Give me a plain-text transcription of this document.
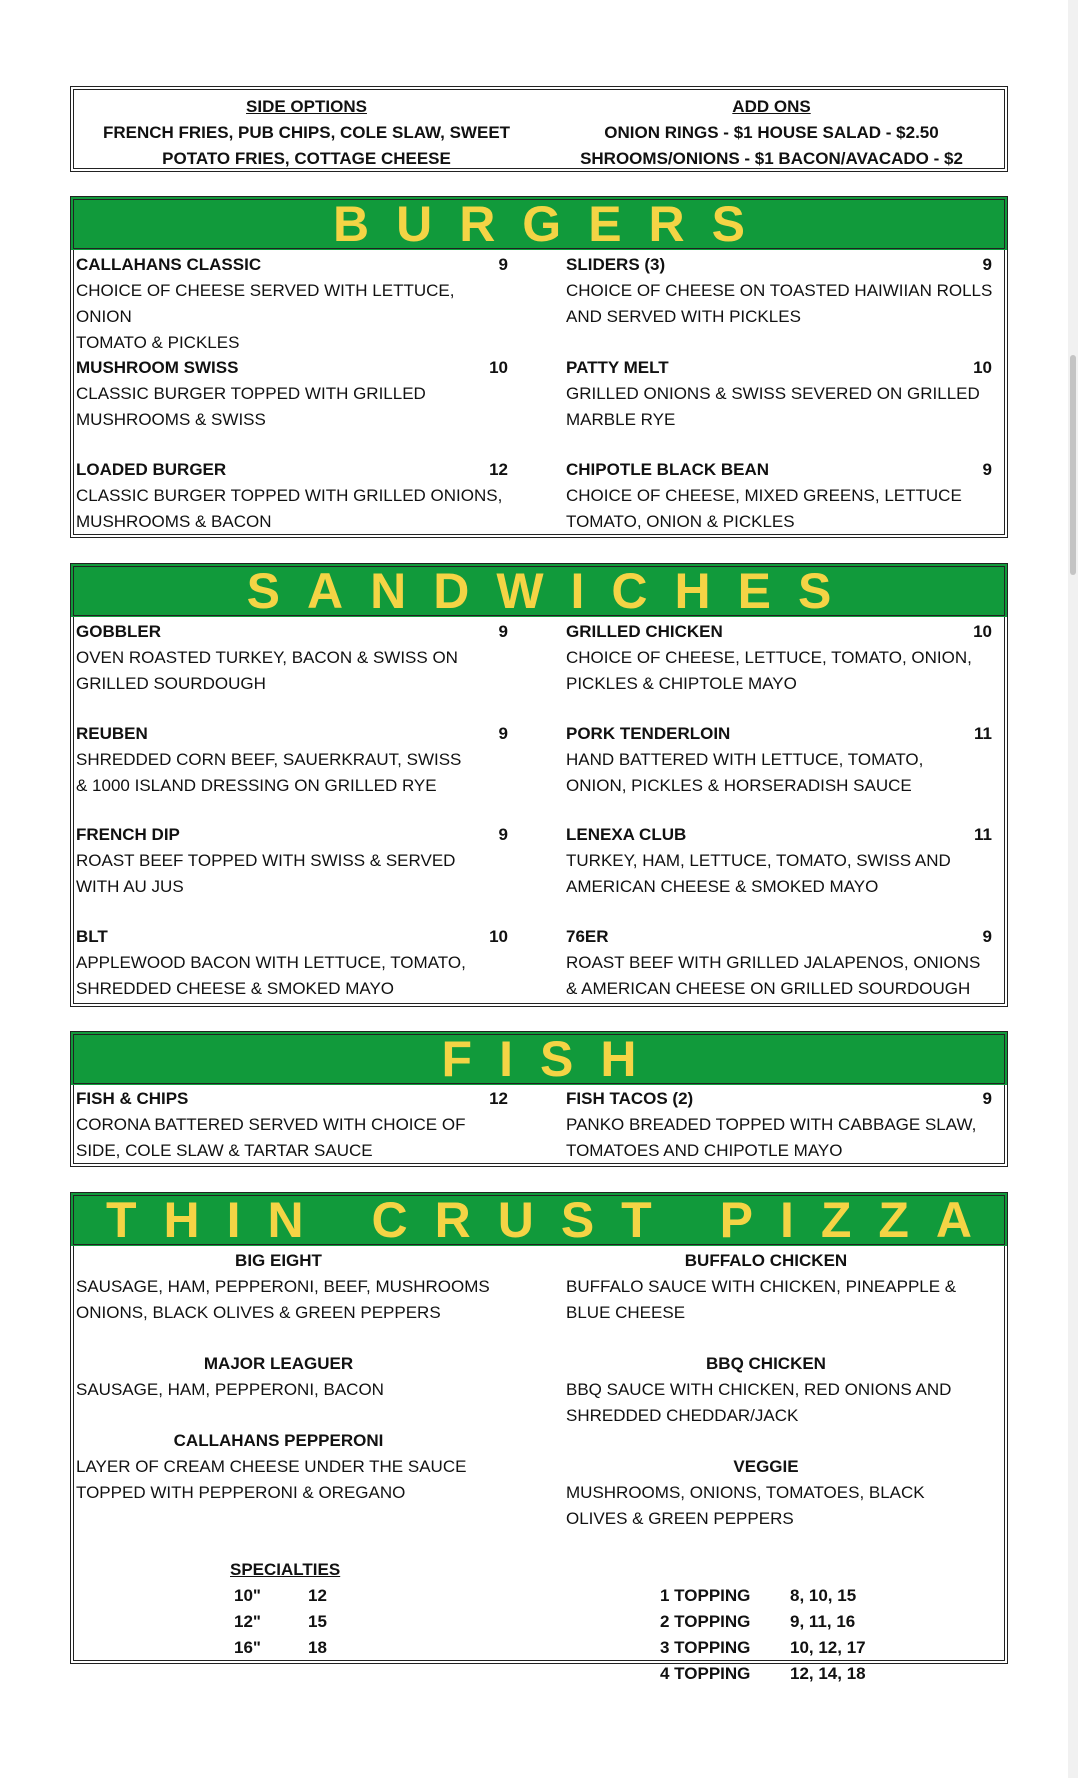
SIDE OPTIONS
FRENCH FRIES, PUB CHIPS, COLE SLAW, SWEET
POTATO FRIES, COTTAGE CHEESE
ADD ONS
ONION RINGS - $1 HOUSE SALAD - $2.50
SHROOMS/ONIONS - $1 BACON/AVACADO - $2
BURGERS
CALLAHANS CLASSIC	9
CHOICE OF CHEESE SERVED WITH LETTUCE, ONION
TOMATO & PICKLES
SLIDERS (3)	9
CHOICE OF CHEESE ON TOASTED HAIWIIAN ROLLS
AND SERVED WITH PICKLES
MUSHROOM SWISS	10
CLASSIC BURGER TOPPED WITH GRILLED
MUSHROOMS & SWISS
PATTY MELT	10
GRILLED ONIONS & SWISS SEVERED ON GRILLED
MARBLE RYE
LOADED BURGER	12
CLASSIC BURGER TOPPED WITH GRILLED ONIONS,
MUSHROOMS & BACON
CHIPOTLE BLACK BEAN	9
CHOICE OF CHEESE, MIXED GREENS, LETTUCE
TOMATO, ONION & PICKLES
SANDWICHES
GOBBLER	9
OVEN ROASTED TURKEY, BACON & SWISS ON
GRILLED SOURDOUGH
GRILLED CHICKEN	10
CHOICE OF CHEESE, LETTUCE, TOMATO, ONION,
PICKLES & CHIPTOLE MAYO
REUBEN	9
SHREDDED CORN BEEF, SAUERKRAUT, SWISS
& 1000 ISLAND DRESSING ON GRILLED RYE
PORK TENDERLOIN	11
HAND BATTERED WITH LETTUCE, TOMATO,
ONION, PICKLES & HORSERADISH SAUCE
FRENCH DIP	9
ROAST BEEF TOPPED WITH SWISS & SERVED
WITH AU JUS
LENEXA CLUB	11
TURKEY, HAM, LETTUCE, TOMATO, SWISS AND
AMERICAN CHEESE & SMOKED MAYO
BLT	10
APPLEWOOD BACON WITH LETTUCE, TOMATO,
SHREDDED CHEESE & SMOKED MAYO
76ER	9
ROAST BEEF WITH GRILLED JALAPENOS, ONIONS
& AMERICAN CHEESE ON GRILLED SOURDOUGH
FISH
FISH & CHIPS	12
CORONA BATTERED SERVED WITH CHOICE OF
SIDE, COLE SLAW & TARTAR SAUCE
FISH TACOS (2)	9
PANKO BREADED TOPPED WITH CABBAGE SLAW,
TOMATOES AND CHIPOTLE MAYO
THIN CRUST PIZZA
BIG EIGHT
SAUSAGE, HAM, PEPPERONI, BEEF, MUSHROOMS
ONIONS, BLACK OLIVES & GREEN PEPPERS
BUFFALO CHICKEN
BUFFALO SAUCE WITH CHICKEN, PINEAPPLE &
BLUE CHEESE
MAJOR LEAGUER
SAUSAGE, HAM, PEPPERONI, BACON
BBQ CHICKEN
BBQ SAUCE WITH CHICKEN, RED ONIONS AND
SHREDDED CHEDDAR/JACK
CALLAHANS PEPPERONI
LAYER OF CREAM CHEESE UNDER THE SAUCE
TOPPED WITH PEPPERONI & OREGANO
VEGGIE
MUSHROOMS, ONIONS, TOMATOES, BLACK
OLIVES & GREEN PEPPERS
SPECIALTIES
10"	12
12"	15
16"	18
1 TOPPING	8, 10, 15
2 TOPPING	9, 11, 16
3 TOPPING	10, 12, 17
4 TOPPING	12, 14, 18
